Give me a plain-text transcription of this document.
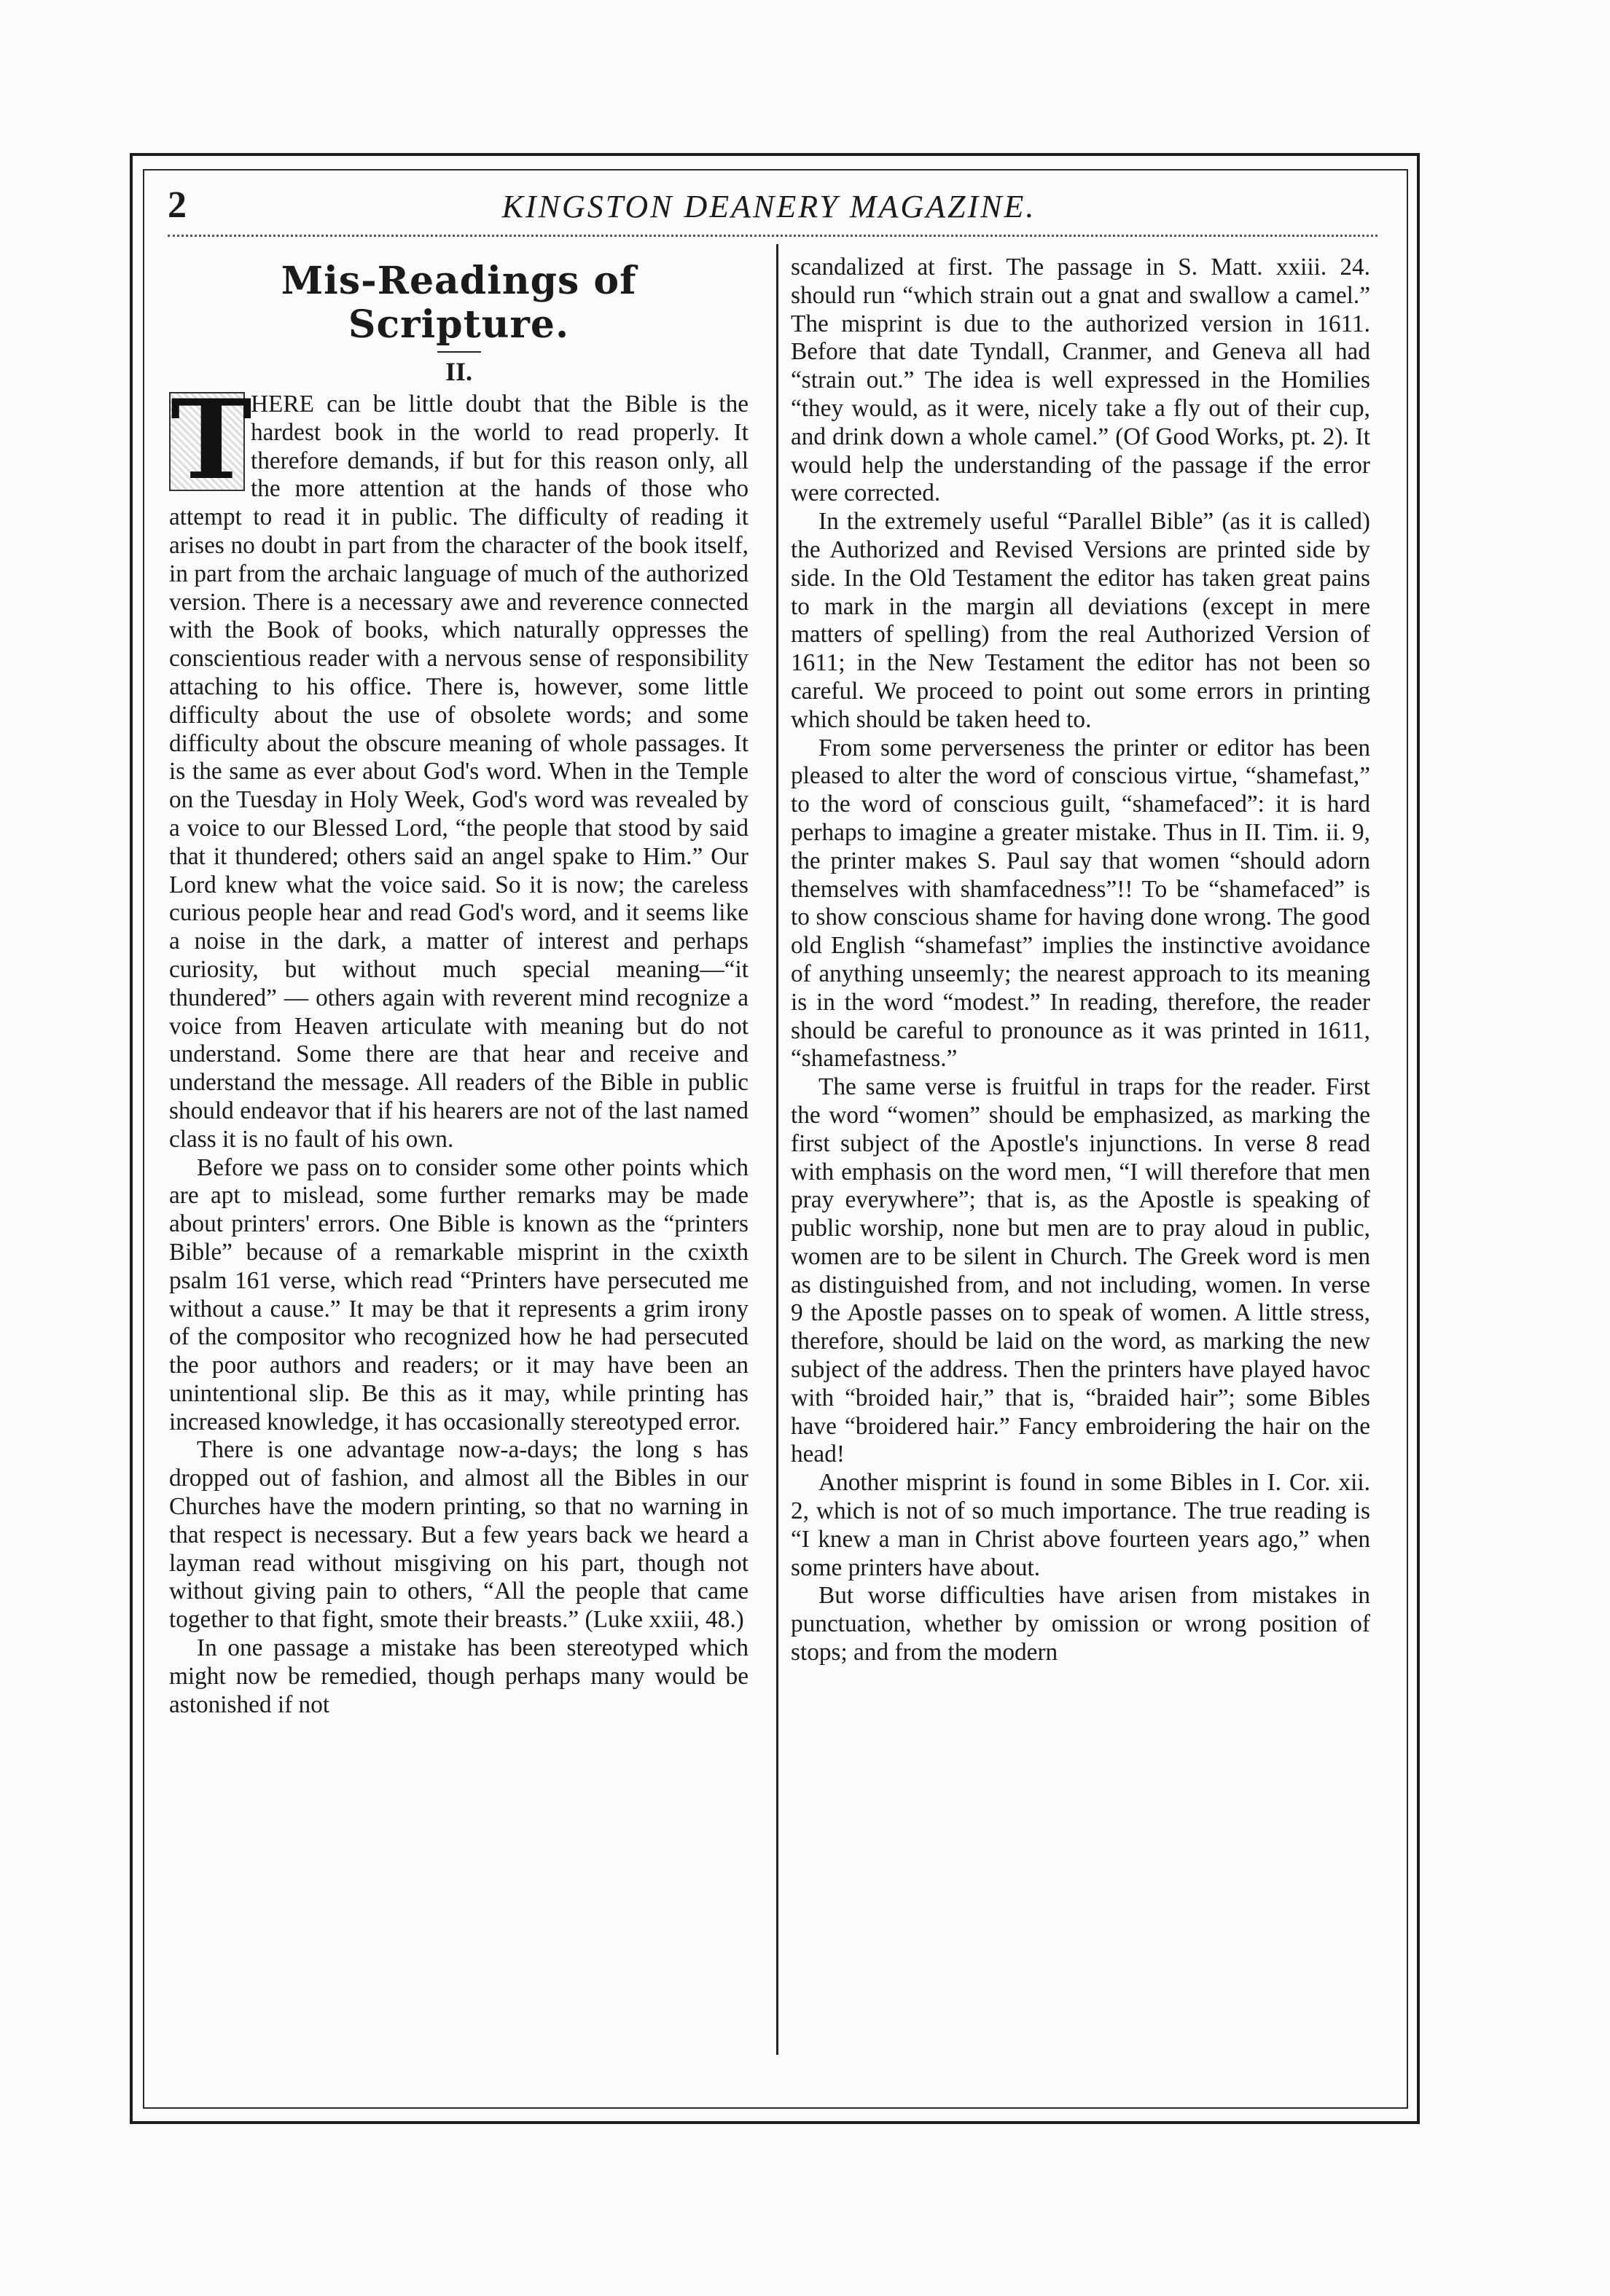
2	KINGSTON DEANERY MAGAZINE.
Mis-Readings of Scripture.
II.

T
HERE can be little doubt that the Bible is the hardest book in the world to read properly. It therefore demands, if but for this reason only, all the more attention at the hands of those who attempt to read it in public. The difficulty of reading it arises no doubt in part from the character of the book itself, in part from the archaic language of much of the authorized version. There is a necessary awe and reverence connected with the Book of books, which naturally oppresses the conscientious reader with a nervous sense of responsibility attaching to his office. There is, however, some little difficulty about the use of obsolete words; and some difficulty about the obscure meaning of whole passages. It is the same as ever about God's word. When in the Temple on the Tuesday in Holy Week, God's word was revealed by a voice to our Blessed Lord, “the people that stood by said that it thundered; others said an angel spake to Him.” Our Lord knew what the voice said. So it is now; the careless curious people hear and read God's word, and it seems like a noise in the dark, a matter of interest and perhaps curiosity, but without much special meaning—“it thundered” — others again with reverent mind recognize a voice from Heaven articulate with meaning but do not understand. Some there are that hear and receive and understand the message. All readers of the Bible in public should endeavor that if his hearers are not of the last named class it is no fault of his own.

Before we pass on to consider some other points which are apt to mislead, some further remarks may be made about printers' errors. One Bible is known as the “printers Bible” because of a remarkable misprint in the cxixth psalm 161 verse, which read “Printers have persecuted me without a cause.” It may be that it represents a grim irony of the compositor who recognized how he had persecuted the poor authors and readers; or it may have been an unintentional slip. Be this as it may, while printing has increased knowledge, it has occasionally stereotyped error.

There is one advantage now-a-days; the long s has dropped out of fashion, and almost all the Bibles in our Churches have the modern printing, so that no warning in that respect is necessary. But a few years back we heard a layman read without misgiving on his part, though not without giving pain to others, “All the people that came together to that fight, smote their breasts.” (Luke xxiii, 48.)

In one passage a mistake has been stereotyped which might now be remedied, though perhaps many would be astonished if not

scandalized at first. The passage in S. Matt. xxiii. 24. should run “which strain out a gnat and swallow a camel.” The misprint is due to the authorized version in 1611. Before that date Tyndall, Cranmer, and Geneva all had “strain out.” The idea is well expressed in the Homilies “they would, as it were, nicely take a fly out of their cup, and drink down a whole camel.” (Of Good Works, pt. 2). It would help the understanding of the passage if the error were corrected.

In the extremely useful “Parallel Bible” (as it is called) the Authorized and Revised Versions are printed side by side. In the Old Testament the editor has taken great pains to mark in the margin all deviations (except in mere matters of spelling) from the real Authorized Version of 1611; in the New Testament the editor has not been so careful. We proceed to point out some errors in printing which should be taken heed to.

From some perverseness the printer or editor has been pleased to alter the word of conscious virtue, “shamefast,” to the word of conscious guilt, “shamefaced”: it is hard perhaps to imagine a greater mistake. Thus in II. Tim. ii. 9, the printer makes S. Paul say that women “should adorn themselves with shamfacedness”!! To be “shamefaced” is to show conscious shame for having done wrong. The good old English “shamefast” implies the instinctive avoidance of anything unseemly; the nearest approach to its meaning is in the word “modest.” In reading, therefore, the reader should be careful to pronounce as it was printed in 1611, “shamefastness.”

The same verse is fruitful in traps for the reader. First the word “women” should be emphasized, as marking the first subject of the Apostle's injunctions. In verse 8 read with emphasis on the word men, “I will therefore that men pray everywhere”; that is, as the Apostle is speaking of public worship, none but men are to pray aloud in public, women are to be silent in Church. The Greek word is men as distinguished from, and not including, women. In verse 9 the Apostle passes on to speak of women. A little stress, therefore, should be laid on the word, as marking the new subject of the address. Then the printers have played havoc with “broided hair,” that is, “braided hair”; some Bibles have “broidered hair.” Fancy embroidering the hair on the head!

Another misprint is found in some Bibles in I. Cor. xii. 2, which is not of so much importance. The true reading is “I knew a man in Christ above fourteen years ago,” when some printers have about.

But worse difficulties have arisen from mistakes in punctuation, whether by omission or wrong position of stops; and from the modern
